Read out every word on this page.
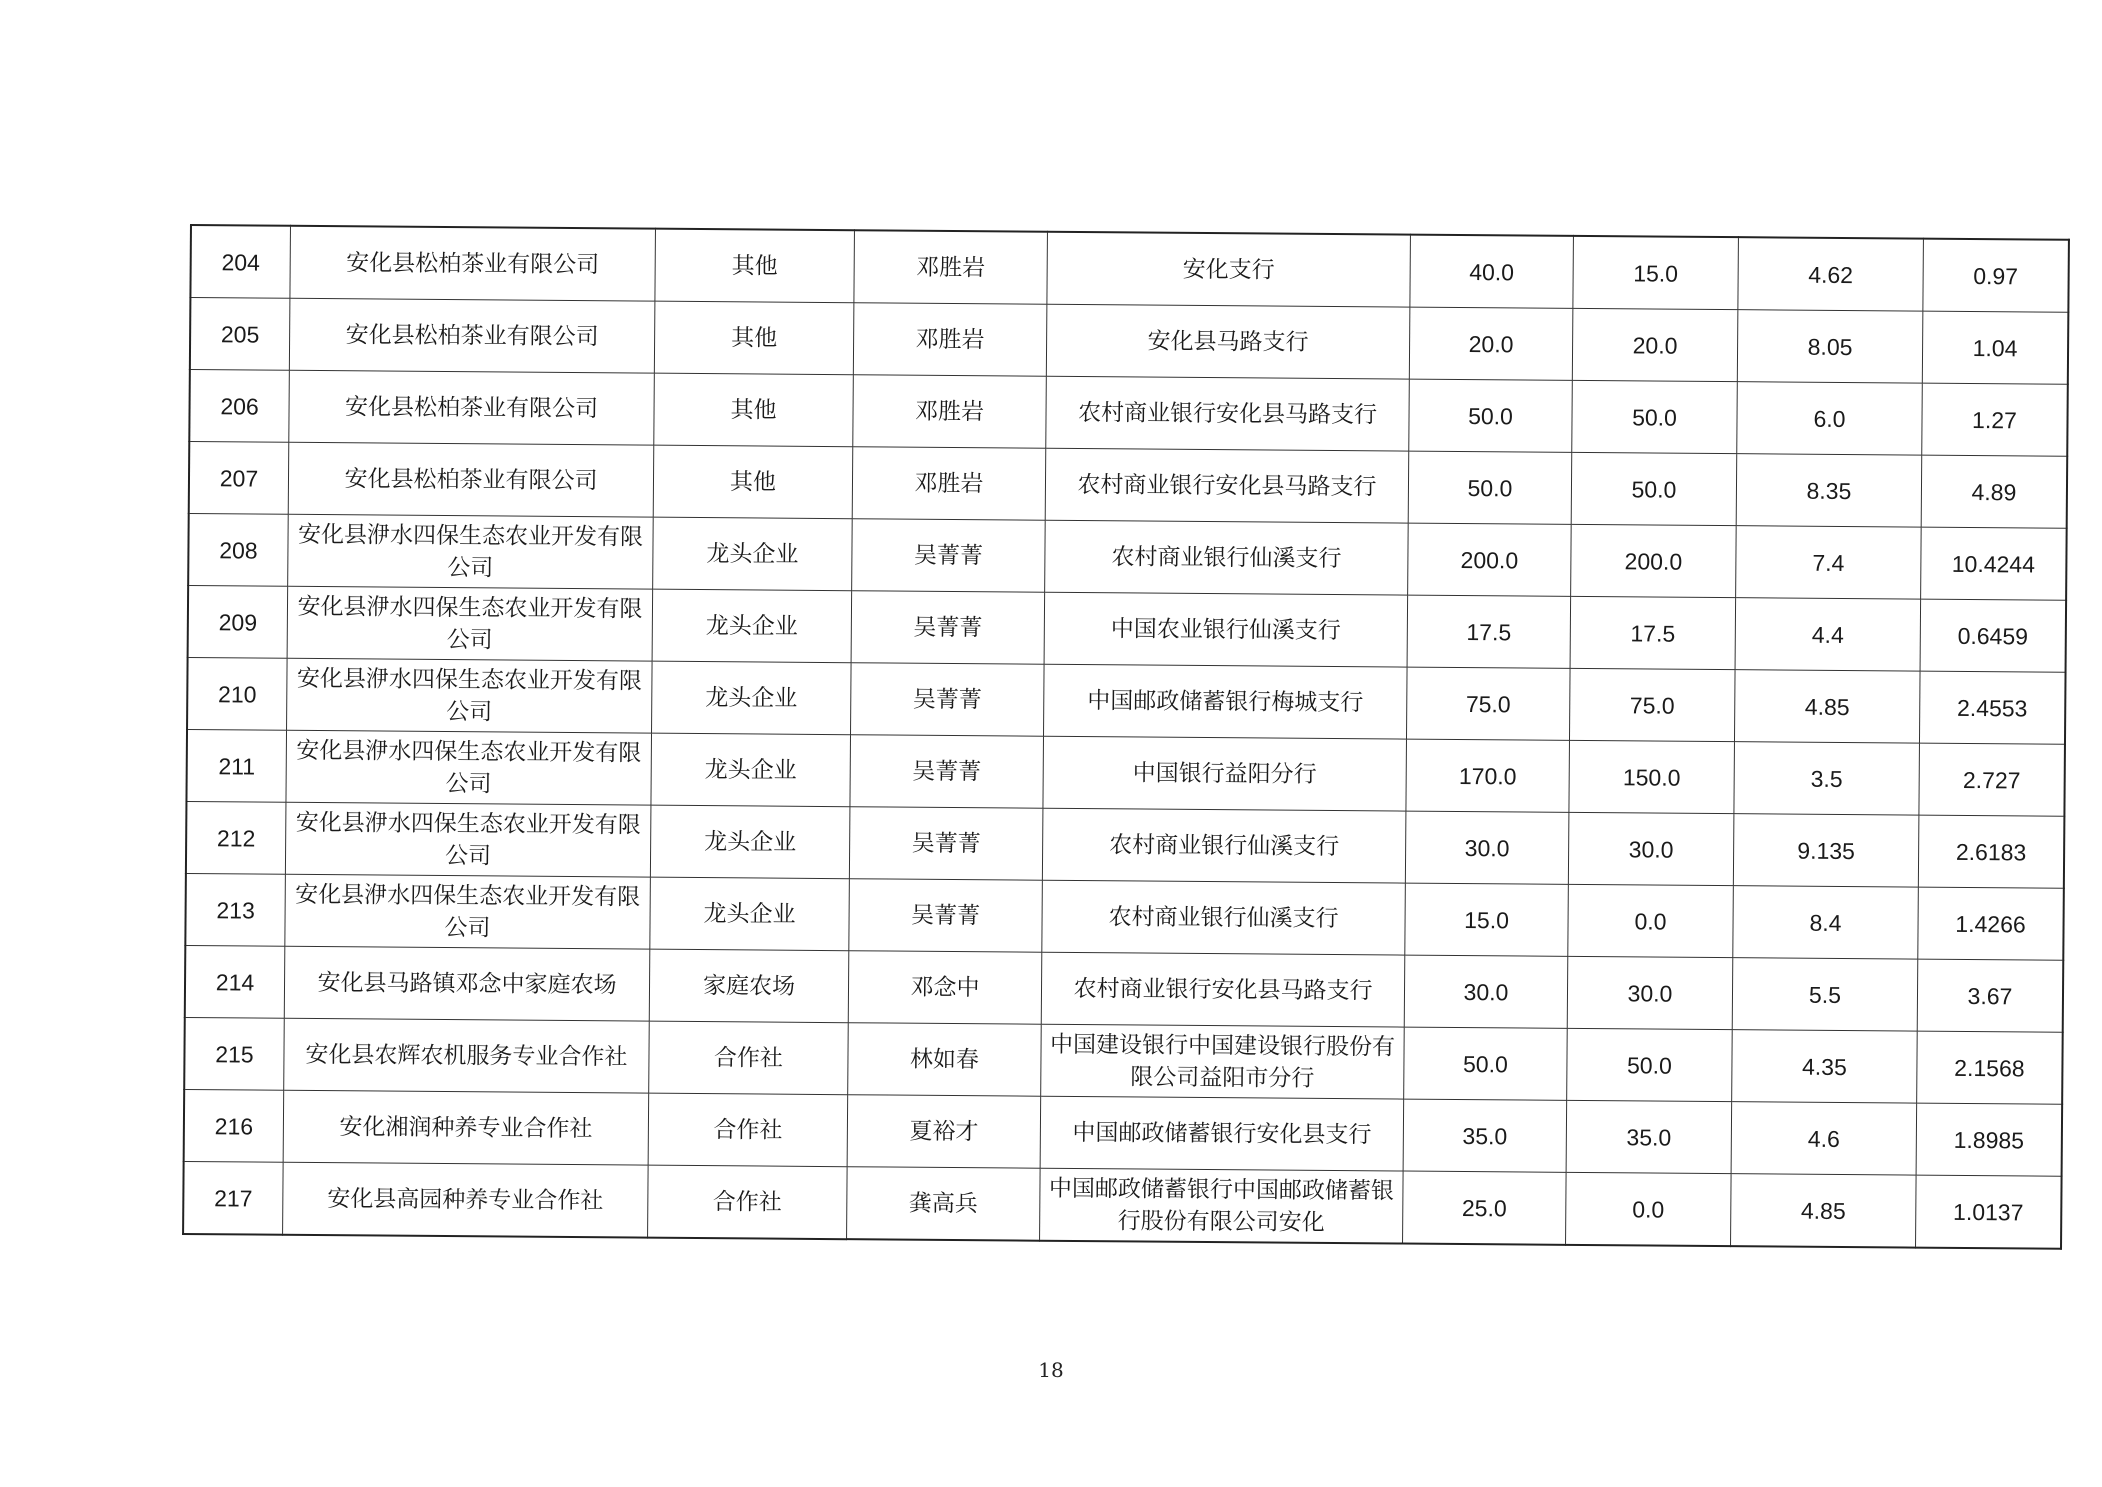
204	安化县松柏茶业有限公司	其他	邓胜岩	安化支行	40.0	15.0	4.62	0.97
205	安化县松柏茶业有限公司	其他	邓胜岩	安化县马路支行	20.0	20.0	8.05	1.04
206	安化县松柏茶业有限公司	其他	邓胜岩	农村商业银行安化县马路支行	50.0	50.0	6.0	1.27
207	安化县松柏茶业有限公司	其他	邓胜岩	农村商业银行安化县马路支行	50.0	50.0	8.35	4.89
208	安化县洢水四保生态农业开发有限公司	龙头企业	吴菁菁	农村商业银行仙溪支行	200.0	200.0	7.4	10.4244
209	安化县洢水四保生态农业开发有限公司	龙头企业	吴菁菁	中国农业银行仙溪支行	17.5	17.5	4.4	0.6459
210	安化县洢水四保生态农业开发有限公司	龙头企业	吴菁菁	中国邮政储蓄银行梅城支行	75.0	75.0	4.85	2.4553
211	安化县洢水四保生态农业开发有限公司	龙头企业	吴菁菁	中国银行益阳分行	170.0	150.0	3.5	2.727
212	安化县洢水四保生态农业开发有限公司	龙头企业	吴菁菁	农村商业银行仙溪支行	30.0	30.0	9.135	2.6183
213	安化县洢水四保生态农业开发有限公司	龙头企业	吴菁菁	农村商业银行仙溪支行	15.0	0.0	8.4	1.4266
214	安化县马路镇邓念中家庭农场	家庭农场	邓念中	农村商业银行安化县马路支行	30.0	30.0	5.5	3.67
215	安化县农辉农机服务专业合作社	合作社	林如春	中国建设银行中国建设银行股份有限公司益阳市分行	50.0	50.0	4.35	2.1568
216	安化湘润种养专业合作社	合作社	夏裕才	中国邮政储蓄银行安化县支行	35.0	35.0	4.6	1.8985
217	安化县高园种养专业合作社	合作社	龚高兵	中国邮政储蓄银行中国邮政储蓄银行股份有限公司安化	25.0	0.0	4.85	1.0137
18
